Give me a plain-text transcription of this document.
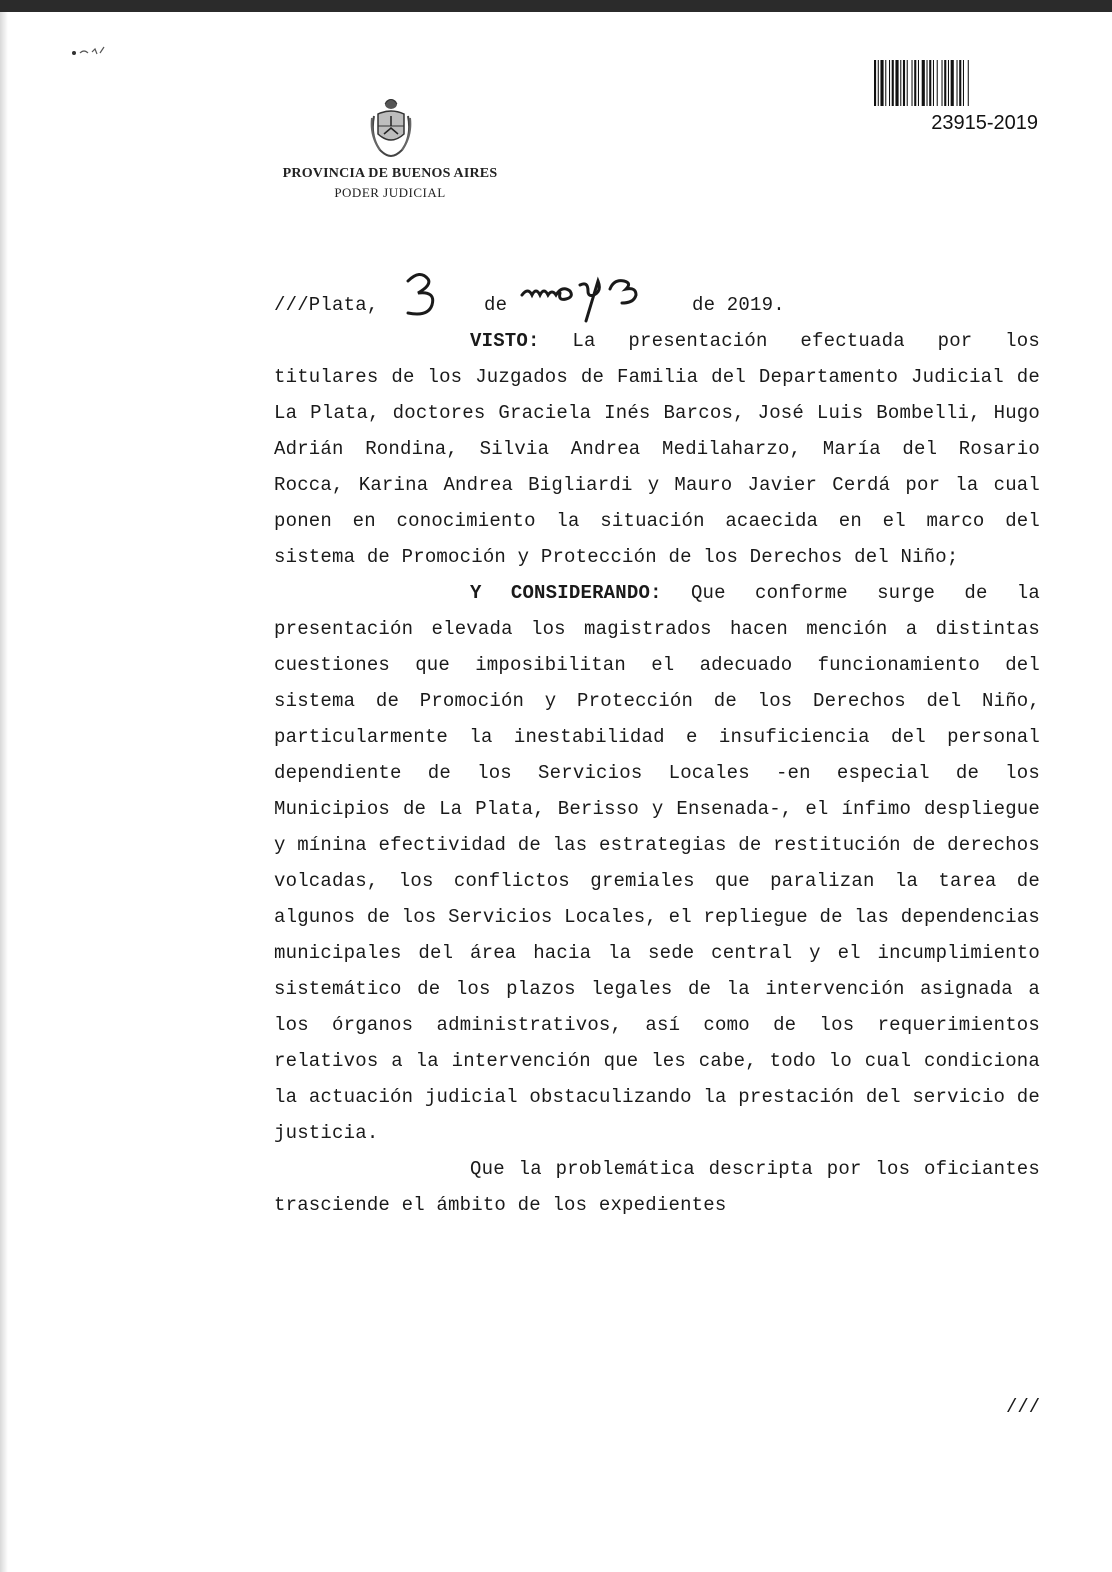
PROVINCIA DE BUENOS AIRES
PODER JUDICIAL
23915-2019
///Plata,	de	de 2019.

VISTO: La presentación efectuada por los titulares de los Juzgados de Familia del Departamento Judicial de La Plata, doctores Graciela Inés Barcos, José Luis Bombelli, Hugo Adrián Rondina, Silvia Andrea Medilaharzo, María del Rosario Rocca, Karina Andrea Bigliardi y Mauro Javier Cerdá por la cual ponen en conocimiento la situación acaecida en el marco del sistema de Promoción y Protección de los Derechos del Niño;

Y CONSIDERANDO: Que conforme surge de la presentación elevada los magistrados hacen mención a distintas cuestiones que imposibilitan el adecuado funcionamiento del sistema de Promoción y Protección de los Derechos del Niño, particularmente la inestabilidad e insuficiencia del personal dependiente de los Servicios Locales -en especial de los Municipios de La Plata, Berisso y Ensenada-, el ínfimo despliegue y mínina efectividad de las estrategias de restitución de derechos volcadas, los conflictos gremiales que paralizan la tarea de algunos de los Servicios Locales, el repliegue de las dependencias municipales del área hacia la sede central y el incumplimiento sistemático de los plazos legales de la intervención asignada a los órganos administrativos, así como de los requerimientos relativos a la intervención que les cabe, todo lo cual condiciona la actuación judicial obstaculizando la prestación del servicio de justicia.

Que la problemática descripta por los oficiantes trasciende el ámbito de los expedientes

///
